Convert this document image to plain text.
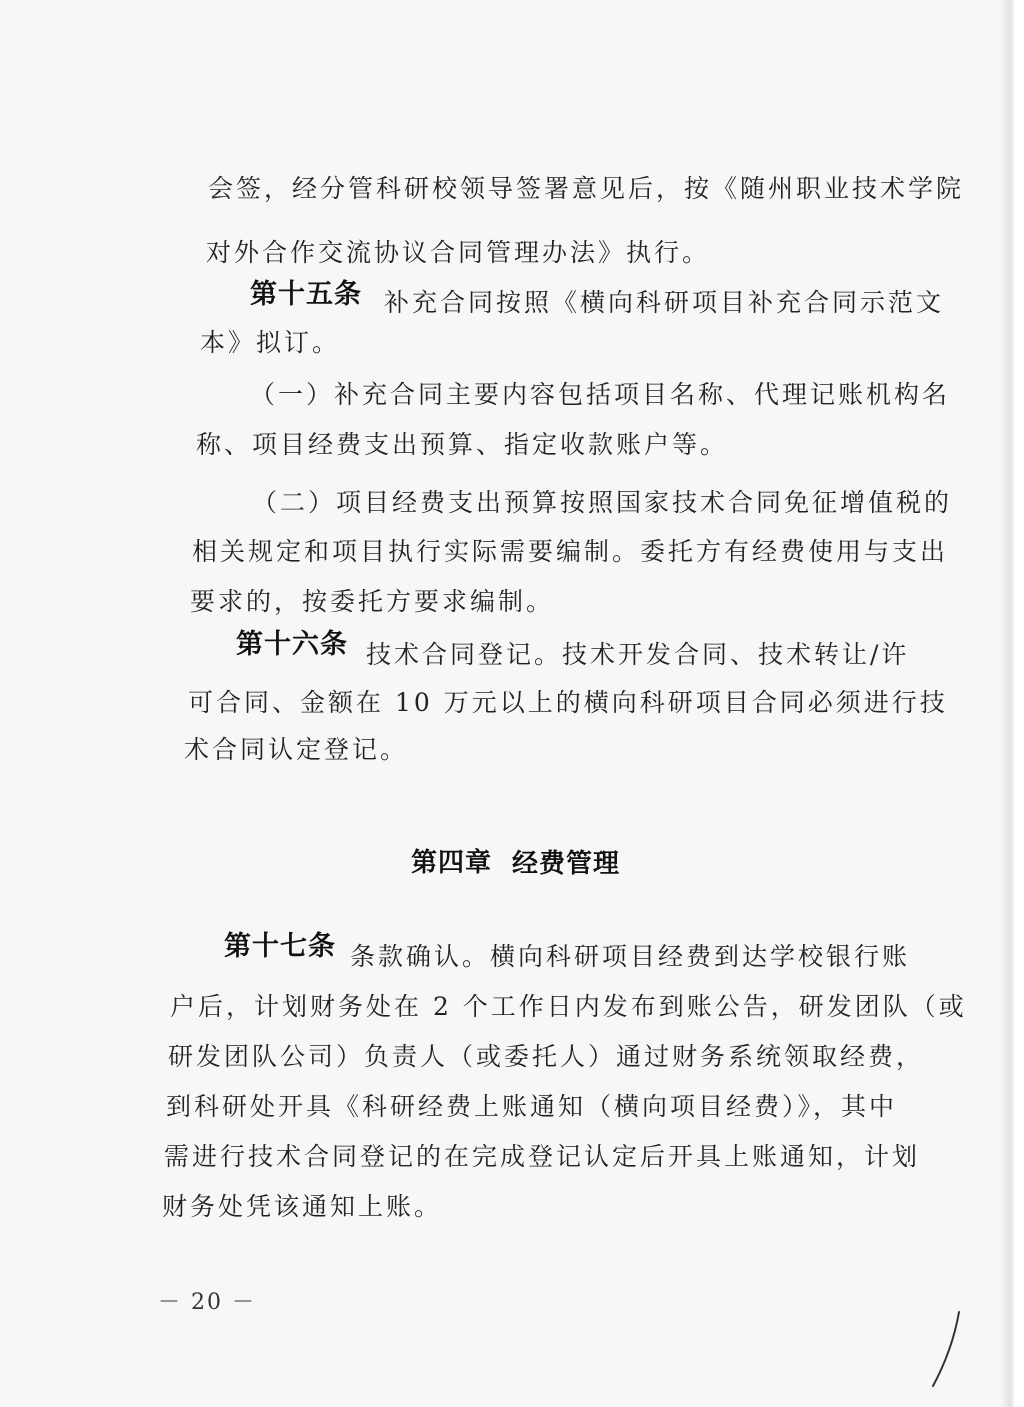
会签，经分管科研校领导签署意见后，按《随州职业技术学院
对外合作交流协议合同管理办法》执行。
第十五条 补充合同按照《横向科研项目补充合同示范文
本》拟订。
（一）补充合同主要内容包括项目名称、代理记账机构名
称、项目经费支出预算、指定收款账户等。
（二）项目经费支出预算按照国家技术合同免征增值税的
相关规定和项目执行实际需要编制。委托方有经费使用与支出
要求的，按委托方要求编制。
第十六条 技术合同登记。技术开发合同、技术转让/许
可合同、金额在 10 万元以上的横向科研项目合同必须进行技
术合同认定登记。
第四章 经费管理
第十七条 条款确认。横向科研项目经费到达学校银行账
户后，计划财务处在 2 个工作日内发布到账公告，研发团队（或
研发团队公司）负责人（或委托人）通过财务系统领取经费，
到科研处开具《科研经费上账通知（横向项目经费）》，其中
需进行技术合同登记的在完成登记认定后开具上账通知，计划
财务处凭该通知上账。
－ 20 －
